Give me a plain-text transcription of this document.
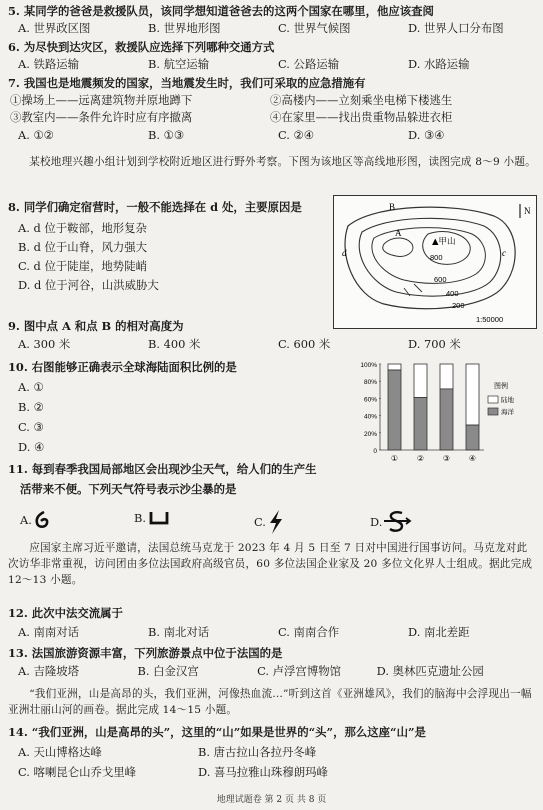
5. 某同学的爸爸是救援队员，该同学想知道爸爸去的这两个国家在哪里，他应该查阅
A. 世界政区图	B. 世界地形图	C. 世界气候图	D. 世界人口分布图
6. 为尽快到达灾区，救援队应选择下列哪种交通方式
A. 铁路运输	B. 航空运输	C. 公路运输	D. 水路运输
7. 我国也是地震频发的国家，当地震发生时，我们可采取的应急措施有
①操场上——远离建筑物并原地蹲下	②高楼内——立刻乘坐电梯下楼逃生
③教室内——条件允许时应有序撤离	④在家里——找出贵重物品躲进衣柜
A. ①②	B. ①③	C. ②④	D. ③④
某校地理兴趣小组计划到学校附近地区进行野外考察。下图为该地区等高线地形图，读图完成 8～9 小题。
8. 同学们确定宿营时，一般不能选择在 d 处，主要原因是
A. d 位于鞍部，地形复杂
B. d 位于山脊，风力强大
C. d 位于陡崖，地势陡峭
D. d 位于河谷，山洪威胁大
N
▲甲山
A
B
c
d
200
400
600
800
1:50000
9. 图中点 A 和点 B 的相对高度为
A. 300 米	B. 400 米	C. 600 米	D. 700 米
10. 右图能够正确表示全球海陆面积比例的是
A. ①
B. ②
C. ③
D. ④
100%
80%
60%
40%
20%
0
① ② ③ ④
图例
陆地
海洋
11. 每到春季我国局部地区会出现沙尘天气，给人们的生产生
活带来不便。下列天气符号表示沙尘暴的是
A.	B.	C.	D.
应国家主席习近平邀请，法国总统马克龙于 2023 年 4 月 5 日至 7 日对中国进行国事访问。马克龙对此次访华非常重视，访问团由多位法国政府高级官员，60 多位法国企业家及 20 多位文化界人士组成。据此完成 12～13 小题。
12. 此次中法交流属于
A. 南南对话	B. 南北对话	C. 南南合作	D. 南北差距
13. 法国旅游资源丰富，下列旅游景点中位于法国的是
A. 吉隆坡塔	B. 白金汉宫	C. 卢浮宫博物馆	D. 奥林匹克遗址公园
“我们亚洲，山是高昂的头，我们亚洲，河像热血流…”听到这首《亚洲雄风》，我们的脑海中会浮现出一幅亚洲壮丽山河的画卷。据此完成 14～15 小题。
14. “我们亚洲，山是高昂的头”，这里的“山”如果是世界的“头”，那么这座“山”是
A. 天山博格达峰	B. 唐古拉山各拉丹冬峰
C. 喀喇昆仑山乔戈里峰	D. 喜马拉雅山珠穆朗玛峰
地理试题卷 第 2 页 共 8 页
